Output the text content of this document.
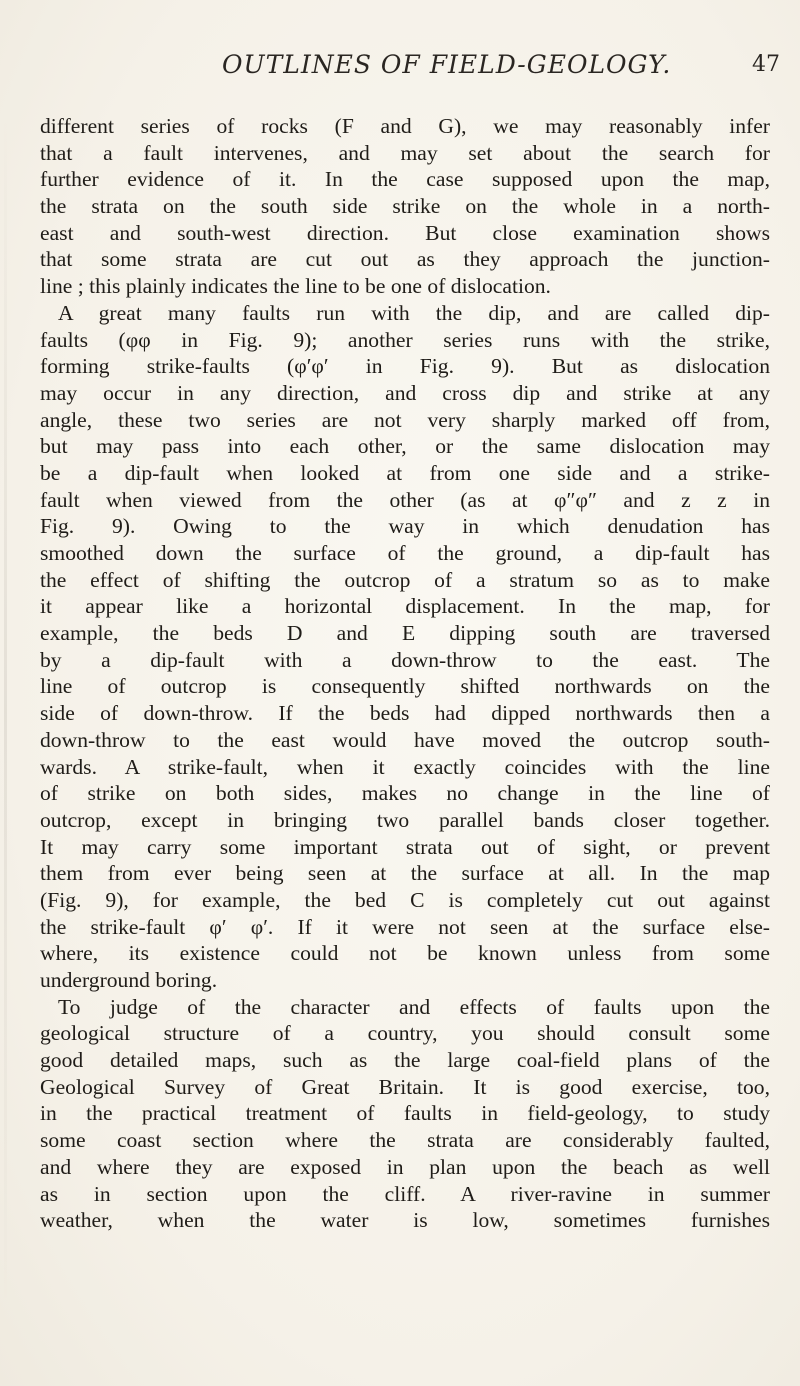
OUTLINES OF FIELD-GEOLOGY.	47
different series of rocks (F and G), we may reasonably infer
that a fault intervenes, and may set about the search for
further evidence of it. In the case supposed upon the map,
the strata on the south side strike on the whole in a north-
east and south-west direction. But close examination shows
that some strata are cut out as they approach the junction-
line ; this plainly indicates the line to be one of dislocation.
A great many faults run with the dip, and are called dip-
faults (φφ in Fig. 9); another series runs with the strike,
forming strike-faults (φ′φ′ in Fig. 9). But as dislocation
may occur in any direction, and cross dip and strike at any
angle, these two series are not very sharply marked off from,
but may pass into each other, or the same dislocation may
be a dip-fault when looked at from one side and a strike-
fault when viewed from the other (as at φ″φ″ and z z in
Fig. 9). Owing to the way in which denudation has
smoothed down the surface of the ground, a dip-fault has
the effect of shifting the outcrop of a stratum so as to make
it appear like a horizontal displacement. In the map, for
example, the beds D and E dipping south are traversed
by a dip-fault with a down-throw to the east. The
line of outcrop is consequently shifted northwards on the
side of down-throw. If the beds had dipped northwards then a
down-throw to the east would have moved the outcrop south-
wards. A strike-fault, when it exactly coincides with the line
of strike on both sides, makes no change in the line of
outcrop, except in bringing two parallel bands closer together.
It may carry some important strata out of sight, or prevent
them from ever being seen at the surface at all. In the map
(Fig. 9), for example, the bed C is completely cut out against
the strike-fault φ′ φ′. If it were not seen at the surface else-
where, its existence could not be known unless from some
underground boring.
To judge of the character and effects of faults upon the
geological structure of a country, you should consult some
good detailed maps, such as the large coal-field plans of the
Geological Survey of Great Britain. It is good exercise, too,
in the practical treatment of faults in field-geology, to study
some coast section where the strata are considerably faulted,
and where they are exposed in plan upon the beach as well
as in section upon the cliff. A river-ravine in summer
weather, when the water is low, sometimes furnishes
